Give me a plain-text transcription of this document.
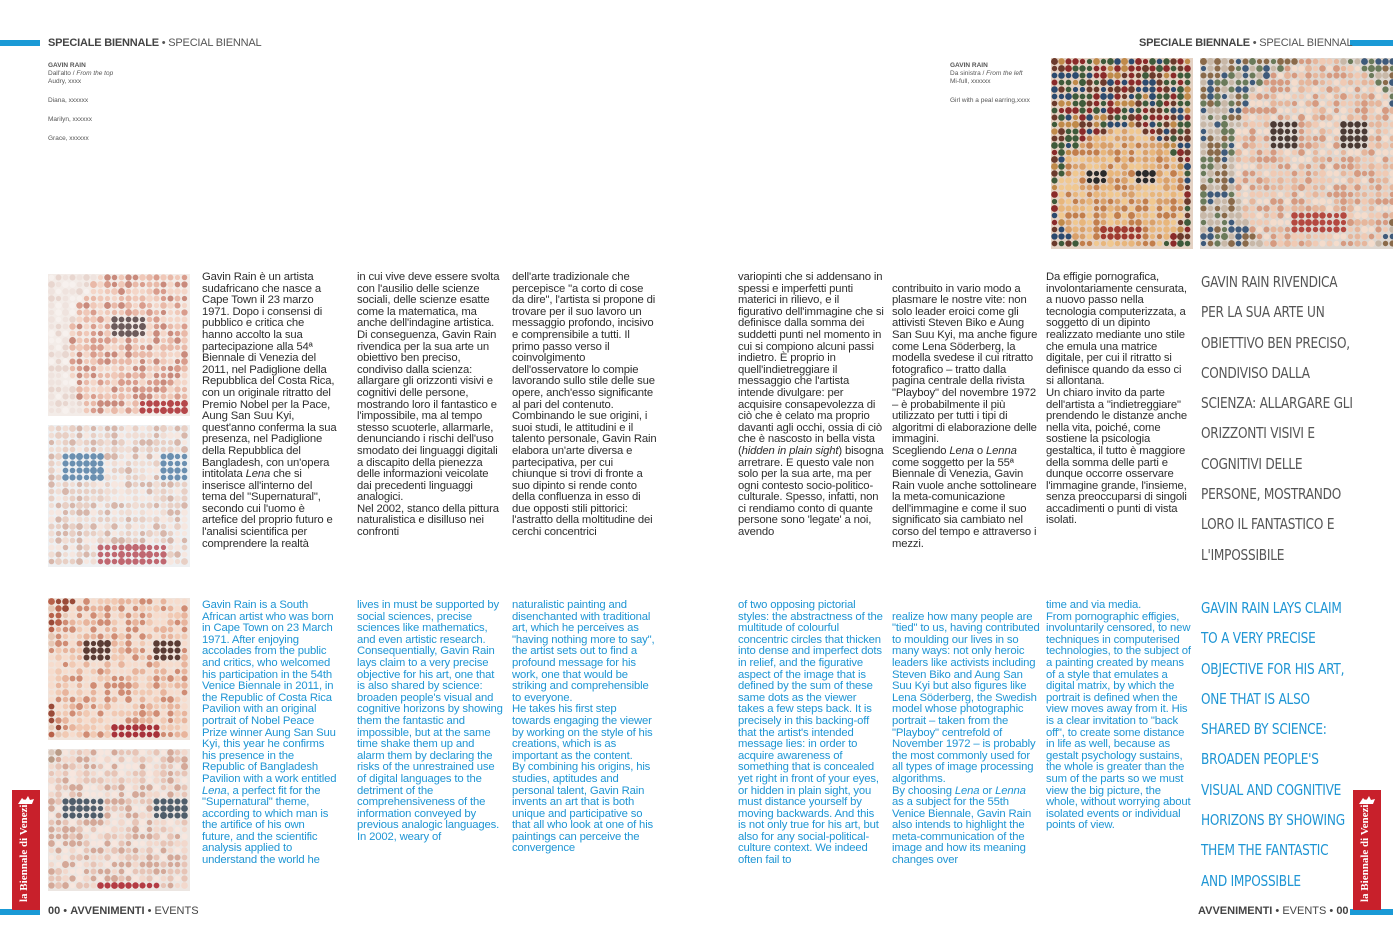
SPECIALE BIENNALE • SPECIAL BIENNAL	SPECIALE BIENNALE • SPECIAL BIENNAL
00 • AVVENIMENTI • EVENTS	AVVENIMENTI • EVENTS • 00
la Biennale di Venezia	la Biennale di Venezia
GAVIN RAIN
Dall'alto / From the top

Audry, xxxx

Diana, xxxxxx

Marilyn, xxxxxx

Grace, xxxxxx

GAVIN RAIN
Da sinistra / From the left

Mi-full, xxxxxx

Girl with a peal earring,xxxx

Gavin Rain è un artista sudafricano che nasce a Cape Town il 23 marzo 1971. Dopo i consensi di pubblico e critica che hanno accolto la sua partecipazione alla 54ª Biennale di Venezia del 2011, nel Padiglione della Repubblica del Costa Rica, con un originale ritratto del Premio Nobel per la Pace, Aung San Suu Kyi, quest'anno conferma la sua presenza, nel Padiglione della Repubblica del Bangladesh, con un'opera intitolata Lena che si inserisce all'interno del tema del "Supernatural", secondo cui l'uomo è artefice del proprio futuro e l'analisi scientifica per comprendere la realtà
in cui vive deve essere svolta con l'ausilio delle scienze sociali, delle scienze esatte come la matematica, ma anche dell'indagine artistica. Di conseguenza, Gavin Rain rivendica per la sua arte un obiettivo ben preciso, condiviso dalla scienza: allargare gli orizzonti visivi e cognitivi delle persone, mostrando loro il fantastico e l'impossibile, ma al tempo stesso scuoterle, allarmarle, denunciando i rischi dell'uso smodato dei linguaggi digitali a discapito della pienezza delle informazioni veicolate dai precedenti linguaggi analogici.
Nel 2002, stanco della pittura naturalistica e disilluso nei confronti
dell'arte tradizionale che percepisce "a corto di cose da dire", l'artista si propone di trovare per il suo lavoro un messaggio profondo, incisivo e comprensibile a tutti. Il primo passo verso il coinvolgimento dell'osservatore lo compie lavorando sullo stile delle sue opere, anch'esso significante al pari del contenuto.
Combinando le sue origini, i suoi studi, le attitudini e il talento personale, Gavin Rain elabora un'arte diversa e partecipativa, per cui chiunque si trovi di fronte a suo dipinto si rende conto della confluenza in esso di due opposti stili pittorici: l'astratto della moltitudine dei cerchi concentrici
variopinti che si addensano in spessi e imperfetti punti materici in rilievo, e il figurativo dell'immagine che si definisce dalla somma dei suddetti punti nel momento in cui si compiono alcuni passi indietro. È proprio in quell'indietreggiare il messaggio che l'artista intende divulgare: per acquisire consapevolezza di ciò che è celato ma proprio davanti agli occhi, ossia di ciò che è nascosto in bella vista (hidden in plain sight) bisogna arretrare. E questo vale non solo per la sua arte, ma per ogni contesto socio-politico-culturale. Spesso, infatti, non ci rendiamo conto di quante persone sono 'legate' a noi, avendo

contribuito in vario modo a plasmare le nostre vite: non solo leader eroici come gli attivisti Steven Biko e Aung San Suu Kyi, ma anche figure come Lena Söderberg, la modella svedese il cui ritratto fotografico – tratto dalla pagina centrale della rivista "Playboy" del novembre 1972 – è probabilmente il più utilizzato per tutti i tipi di algoritmi di elaborazione delle immagini.
Scegliendo Lena o Lenna come soggetto per la 55ª Biennale di Venezia, Gavin Rain vuole anche sottolineare la meta-comunicazione dell'immagine e come il suo significato sia cambiato nel corso del tempo e attraverso i mezzi.

Da effigie pornografica, involontariamente censurata, a nuovo passo nella tecnologia computerizzata, a soggetto di un dipinto realizzato mediante uno stile che emula una matrice digitale, per cui il ritratto si definisce quando da esso ci si allontana.
Un chiaro invito da parte dell'artista a "indietreggiare" prendendo le distanze anche nella vita, poiché, come sostiene la psicologia gestaltica, il tutto è maggiore della somma delle parti e dunque occorre osservare l'immagine grande, l'insieme, senza preoccuparsi di singoli accadimenti o punti di vista isolati.
Gavin Rain is a South African artist who was born in Cape Town on 23 March 1971. After enjoying accolades from the public and critics, who welcomed his participation in the 54th Venice Biennale in 2011, in the Republic of Costa Rica Pavilion with an original portrait of Nobel Peace Prize winner Aung San Suu Kyi, this year he confirms his presence in the Republic of Bangladesh Pavilion with a work entitled Lena, a perfect fit for the "Supernatural" theme, according to which man is the artifice of his own future, and the scientific analysis applied to understand the world he
lives in must be supported by social sciences, precise sciences like mathematics, and even artistic research. Consequentially, Gavin Rain lays claim to a very precise objective for his art, one that is also shared by science: broaden people's visual and cognitive horizons by showing them the fantastic and impossible, but at the same time shake them up and alarm them by declaring the risks of the unrestrained use of digital languages to the detriment of the comprehensiveness of the information conveyed by previous analogic languages.
In 2002, weary of
naturalistic painting and disenchanted with traditional art, which he perceives as "having nothing more to say", the artist sets out to find a profound message for his work, one that would be striking and comprehensible to everyone.
He takes his first step towards engaging the viewer by working on the style of his creations, which is as important as the content.
By combining his origins, his studies, aptitudes and personal talent, Gavin Rain invents an art that is both unique and participative so that all who look at one of his paintings can perceive the convergence
of two opposing pictorial styles: the abstractness of the multitude of colourful concentric circles that thicken into dense and imperfect dots in relief, and the figurative aspect of the image that is defined by the sum of these same dots as the viewer takes a few steps back. It is precisely in this backing-off that the artist's intended message lies: in order to acquire awareness of something that is concealed yet right in front of your eyes, or hidden in plain sight, you must distance yourself by moving backwards. And this is not only true for his art, but also for any social-political-culture context. We indeed often fail to

realize how many people are "tied" to us, having contributed to moulding our lives in so many ways: not only heroic leaders like activists including Steven Biko and Aung San Suu Kyi but also figures like Lena Söderberg, the Swedish model whose photographic portrait – taken from the "Playboy" centrefold of November 1972 – is probably the most commonly used for all types of image processing algorithms.
By choosing Lena or Lenna as a subject for the 55th Venice Biennale, Gavin Rain also intends to highlight the meta-communication of the image and how its meaning changes over

time and via media.
From pornographic effigies, involuntarily censored, to new techniques in computerised technologies, to the subject of a painting created by means of a style that emulates a digital matrix, by which the portrait is defined when the view moves away from it. His is a clear invitation to "back off", to create some distance in life as well, because as gestalt psychology sustains, the whole is greater than the sum of the parts so we must view the big picture, the whole, without worrying about isolated events or individual points of view.
GAVIN RAIN RIVENDICA PER LA SUA ARTE UN OBIETTIVO BEN PRECISO, CONDIVISO DALLA SCIENZA: ALLARGARE GLI ORIZZONTI VISIVI E COGNITIVI DELLE PERSONE, MOSTRANDO LORO IL FANTASTICO E L'IMPOSSIBILE
GAVIN RAIN LAYS CLAIM TO A VERY PRECISE OBJECTIVE FOR HIS ART, ONE THAT IS ALSO SHARED BY SCIENCE: BROADEN PEOPLE'S VISUAL AND COGNITIVE HORIZONS BY SHOWING THEM THE FANTASTIC AND IMPOSSIBLE
